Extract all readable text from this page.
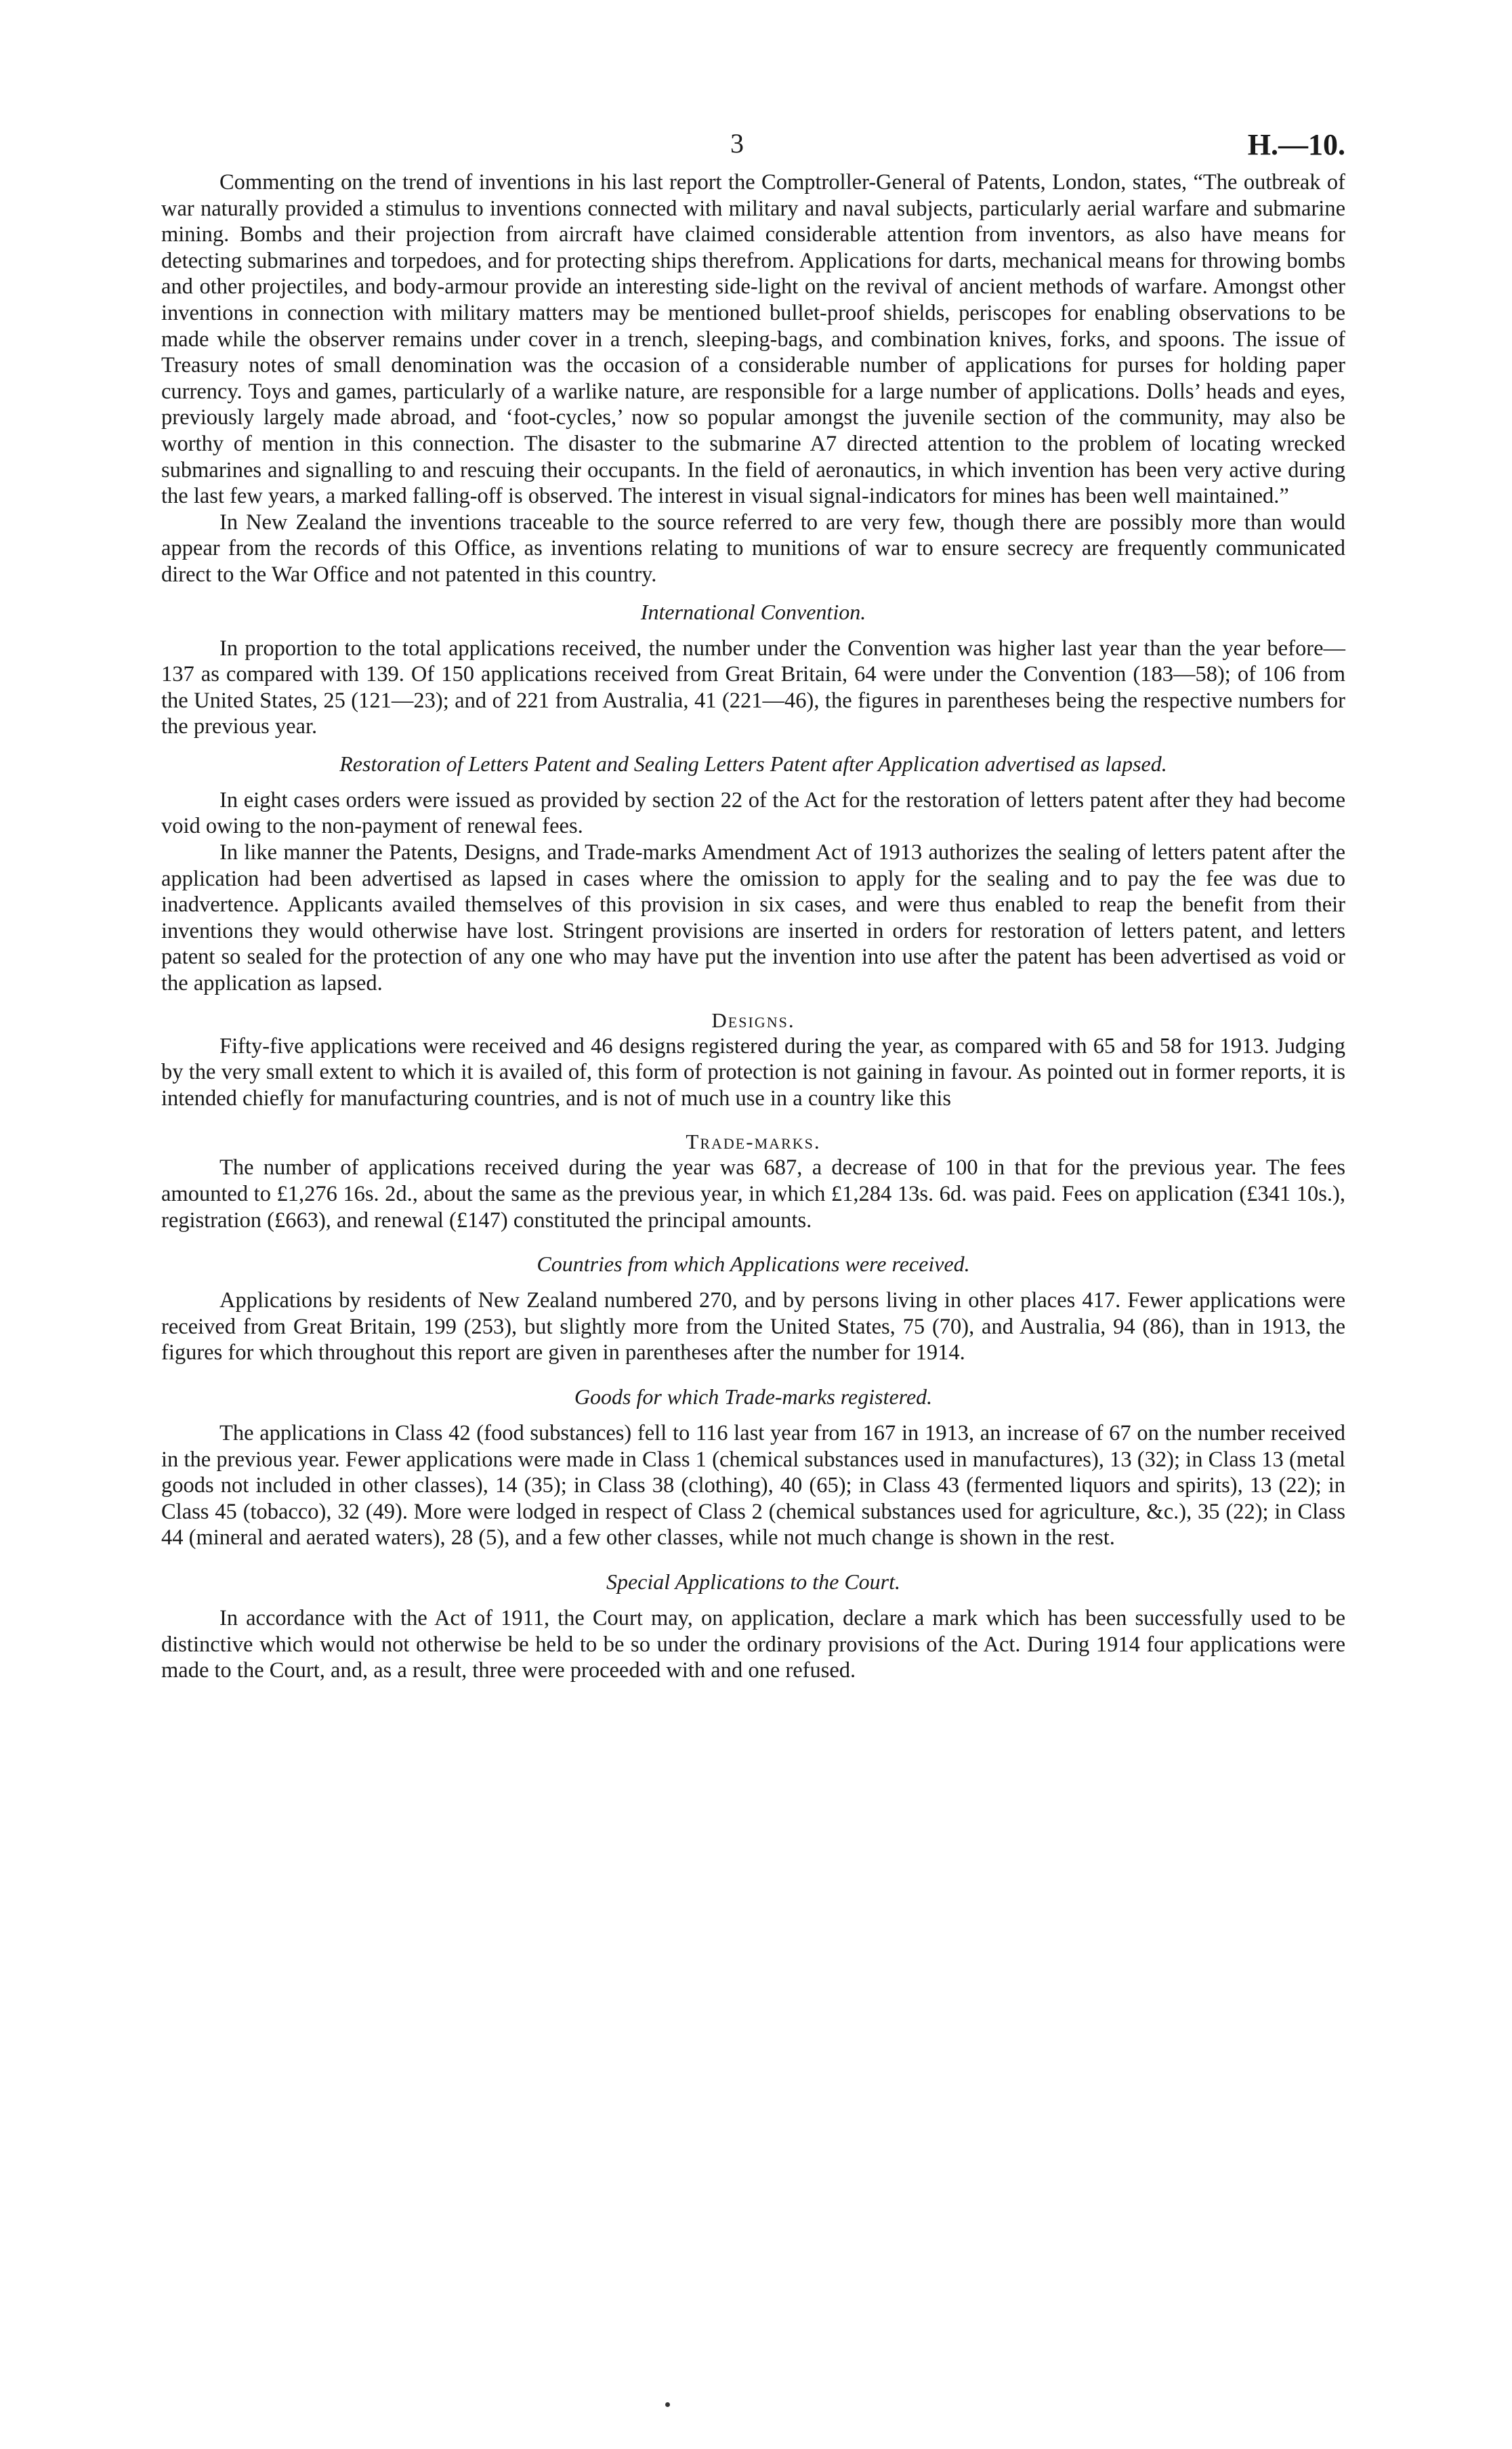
3	H.—10.

Commenting on the trend of inventions in his last report the Comptroller-General of Patents, London, states, “The outbreak of war naturally provided a stimulus to inventions connected with military and naval subjects, particularly aerial warfare and submarine mining. Bombs and their projection from aircraft have claimed considerable attention from inventors, as also have means for detecting submarines and torpedoes, and for protecting ships therefrom. Applications for darts, mechanical means for throwing bombs and other projectiles, and body-armour provide an interesting side-light on the revival of ancient methods of warfare. Amongst other inventions in connection with military matters may be mentioned bullet-proof shields, periscopes for enabling observations to be made while the observer remains under cover in a trench, sleeping-bags, and combination knives, forks, and spoons. The issue of Treasury notes of small denomination was the occasion of a considerable number of applications for purses for holding paper currency. Toys and games, particularly of a warlike nature, are responsible for a large number of applications. Dolls’ heads and eyes, previously largely made abroad, and ‘foot-cycles,’ now so popular amongst the juvenile section of the community, may also be worthy of mention in this connection. The disaster to the submarine A7 directed attention to the problem of locating wrecked submarines and signalling to and rescuing their occupants. In the field of aeronautics, in which invention has been very active during the last few years, a marked falling-off is observed. The interest in visual signal-indicators for mines has been well maintained.”

In New Zealand the inventions traceable to the source referred to are very few, though there are possibly more than would appear from the records of this Office, as inventions relating to munitions of war to ensure secrecy are frequently communicated direct to the War Office and not patented in this country.

International Convention.

In proportion to the total applications received, the number under the Convention was higher last year than the year before—137 as compared with 139. Of 150 applications received from Great Britain, 64 were under the Convention (183—58); of 106 from the United States, 25 (121—23); and of 221 from Australia, 41 (221—46), the figures in parentheses being the respective numbers for the previous year.

Restoration of Letters Patent and Sealing Letters Patent after Application advertised as lapsed.

In eight cases orders were issued as provided by section 22 of the Act for the restoration of letters patent after they had become void owing to the non-payment of renewal fees.

In like manner the Patents, Designs, and Trade-marks Amendment Act of 1913 authorizes the sealing of letters patent after the application had been advertised as lapsed in cases where the omission to apply for the sealing and to pay the fee was due to inadvertence. Applicants availed themselves of this provision in six cases, and were thus enabled to reap the benefit from their inventions they would otherwise have lost. Stringent provisions are inserted in orders for restoration of letters patent, and letters patent so sealed for the protection of any one who may have put the invention into use after the patent has been advertised as void or the application as lapsed.

Designs.

Fifty-five applications were received and 46 designs registered during the year, as compared with 65 and 58 for 1913. Judging by the very small extent to which it is availed of, this form of protection is not gaining in favour. As pointed out in former reports, it is intended chiefly for manufacturing countries, and is not of much use in a country like this

Trade-marks.

The number of applications received during the year was 687, a decrease of 100 in that for the previous year. The fees amounted to £1,276 16s. 2d., about the same as the previous year, in which £1,284 13s. 6d. was paid. Fees on application (£341 10s.), registration (£663), and renewal (£147) constituted the principal amounts.

Countries from which Applications were received.

Applications by residents of New Zealand numbered 270, and by persons living in other places 417. Fewer applications were received from Great Britain, 199 (253), but slightly more from the United States, 75 (70), and Australia, 94 (86), than in 1913, the figures for which throughout this report are given in parentheses after the number for 1914.

Goods for which Trade-marks registered.

The applications in Class 42 (food substances) fell to 116 last year from 167 in 1913, an increase of 67 on the number received in the previous year. Fewer applications were made in Class 1 (chemical substances used in manufactures), 13 (32); in Class 13 (metal goods not included in other classes), 14 (35); in Class 38 (clothing), 40 (65); in Class 43 (fermented liquors and spirits), 13 (22); in Class 45 (tobacco), 32 (49). More were lodged in respect of Class 2 (chemical substances used for agriculture, &c.), 35 (22); in Class 44 (mineral and aerated waters), 28 (5), and a few other classes, while not much change is shown in the rest.

Special Applications to the Court.

In accordance with the Act of 1911, the Court may, on application, declare a mark which has been successfully used to be distinctive which would not otherwise be held to be so under the ordinary provisions of the Act. During 1914 four applications were made to the Court, and, as a result, three were proceeded with and one refused.
